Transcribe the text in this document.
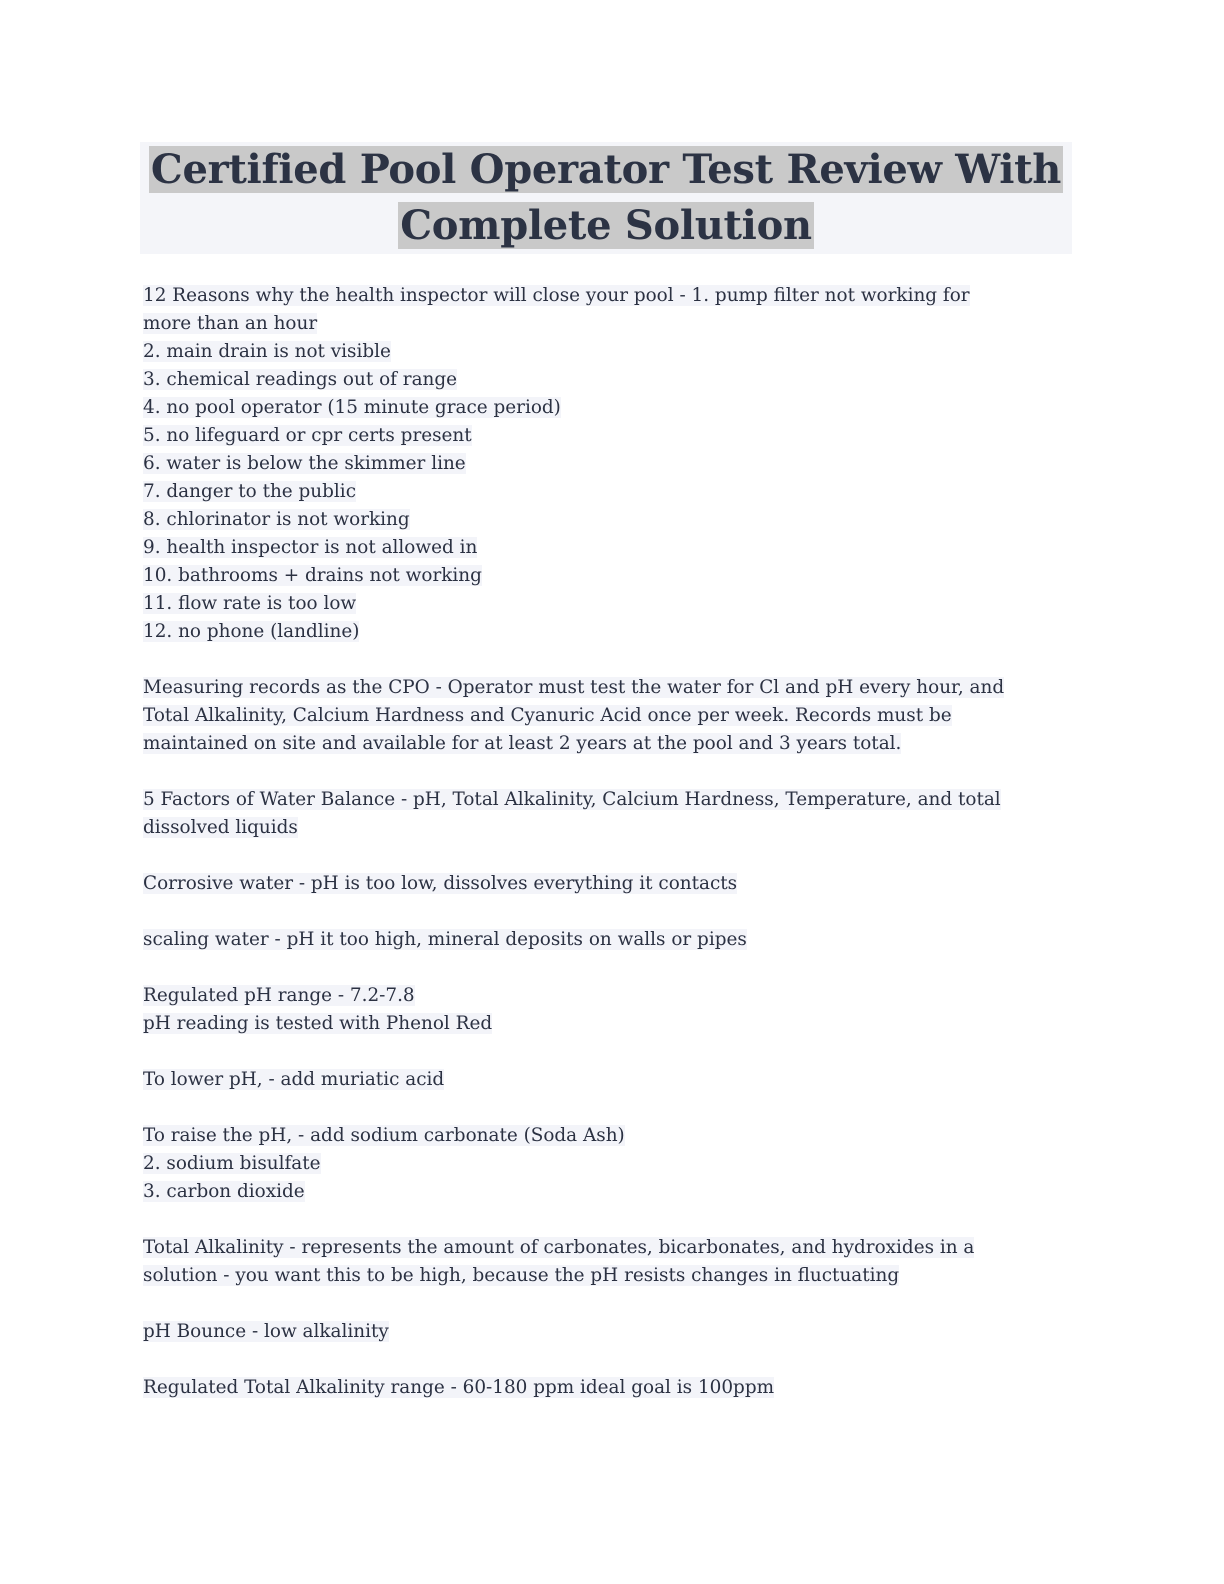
Certified Pool Operator Test Review With
Complete Solution
12 Reasons why the health inspector will close your pool - 1. pump filter not working for
more than an hour
2. main drain is not visible
3. chemical readings out of range
4. no pool operator (15 minute grace period)
5. no lifeguard or cpr certs present
6. water is below the skimmer line
7. danger to the public
8. chlorinator is not working
9. health inspector is not allowed in
10. bathrooms + drains not working
11. flow rate is too low
12. no phone (landline)
Measuring records as the CPO - Operator must test the water for Cl and pH every hour, and
Total Alkalinity, Calcium Hardness and Cyanuric Acid once per week. Records must be
maintained on site and available for at least 2 years at the pool and 3 years total.
5 Factors of Water Balance - pH, Total Alkalinity, Calcium Hardness, Temperature, and total
dissolved liquids
Corrosive water - pH is too low, dissolves everything it contacts
scaling water - pH it too high, mineral deposits on walls or pipes
Regulated pH range - 7.2-7.8
pH reading is tested with Phenol Red
To lower pH, - add muriatic acid
To raise the pH, - add sodium carbonate (Soda Ash)
2. sodium bisulfate
3. carbon dioxide
Total Alkalinity - represents the amount of carbonates, bicarbonates, and hydroxides in a
solution - you want this to be high, because the pH resists changes in fluctuating
pH Bounce - low alkalinity
Regulated Total Alkalinity range - 60-180 ppm ideal goal is 100ppm
